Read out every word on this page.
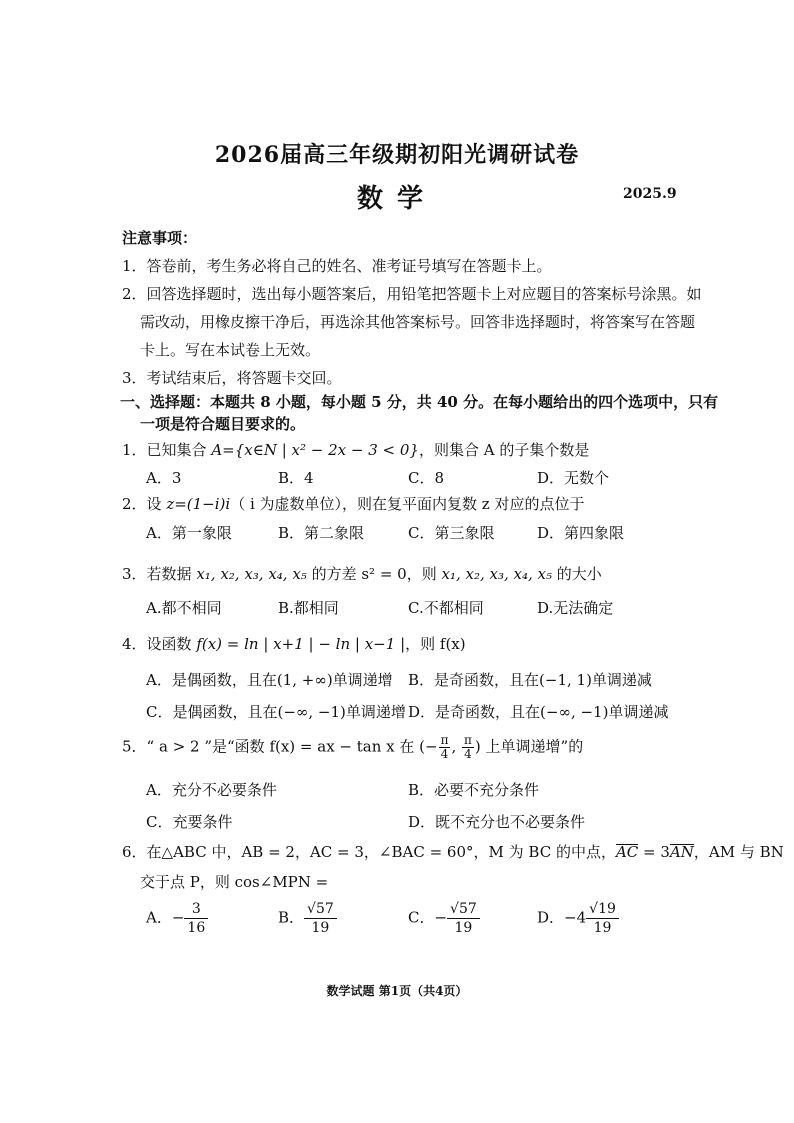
2026届高三年级期初阳光调研试卷
数学	2025.9
注意事项：
1．答卷前，考生务必将自己的姓名、准考证号填写在答题卡上。
2．回答选择题时，选出每小题答案后，用铅笔把答题卡上对应题目的答案标号涂黑。如
需改动，用橡皮擦干净后，再选涂其他答案标号。回答非选择题时，将答案写在答题
卡上。写在本试卷上无效。
3．考试结束后，将答题卡交回。
一、选择题：本题共 8 小题，每小题 5 分，共 40 分。在每小题给出的四个选项中，只有
一项是符合题目要求的。
1．已知集合 A={x∈N | x² − 2x − 3 < 0}，则集合 A 的子集个数是
A．3	B．4	C．8	D．无数个
2．设 z=(1−i)i（ i 为虚数单位），则在复平面内复数 z 对应的点位于
A．第一象限	B．第二象限	C．第三象限	D．第四象限
3．若数据 x₁, x₂, x₃, x₄, x₅ 的方差 s² = 0，则 x₁, x₂, x₃, x₄, x₅ 的大小
A.都不相同	B.都相同	C.不都相同	D.无法确定
4．设函数 f(x) = ln | x+1 | − ln | x−1 |，则 f(x)
A．是偶函数，且在(1, +∞)单调递增 B．是奇函数，且在(−1, 1)单调递减
C．是偶函数，且在(−∞, −1)单调递增 D．是奇函数，且在(−∞, −1)单调递减
5．“ a > 2 ”是“函数 f(x) = ax − tan x 在 (− $\frac{\pi}{4}$ , $\frac{\pi}{4}$ ) 上单调递增”的
A．充分不必要条件	B．必要不充分条件
C．充要条件	D．既不充分也不必要条件
6．在△ABC 中，AB = 2，AC = 3，∠BAC = 60°，M 为 BC 的中点，AC = 3AN，AM 与 BN
交于点 P，则 cos∠MPN =
A．− $\frac{3}{16}$	B． $\frac{√57}{19}$	C．− $\frac{√57}{19}$	D．$-4 \frac{√19}{19}$
数学试题 第1页（共4页）
